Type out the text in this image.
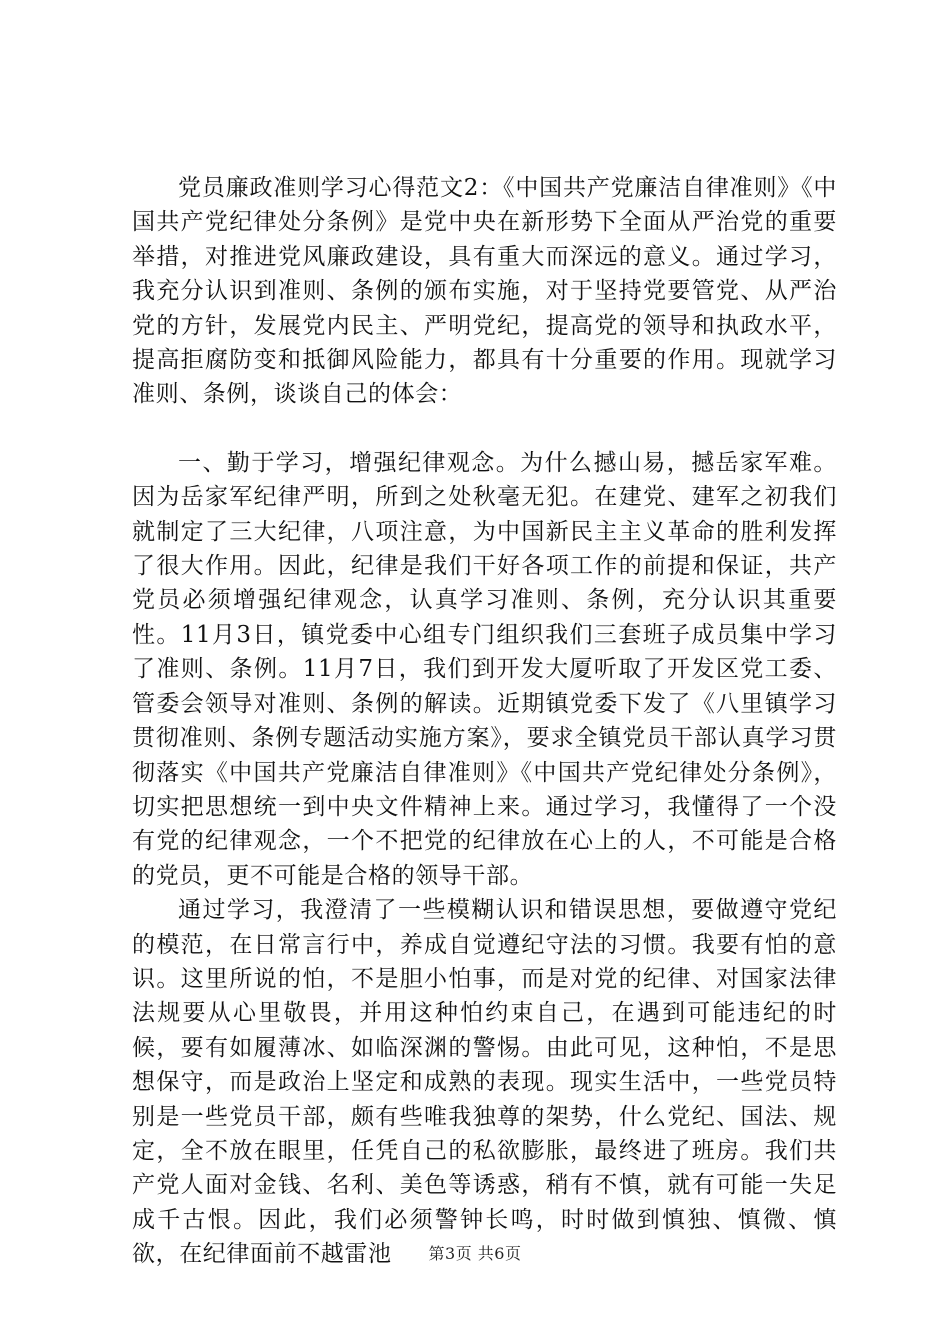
党员廉政准则学习心得范文2：《中国共产党廉洁自律准则》《中国共产党纪律处分条例》是党中央在新形势下全面从严治党的重要举措，对推进党风廉政建设，具有重大而深远的意义。通过学习，我充分认识到准则、条例的颁布实施，对于坚持党要管党、从严治党的方针，发展党内民主、严明党纪，提高党的领导和执政水平，提高拒腐防变和抵御风险能力，都具有十分重要的作用。现就学习准则、条例，谈谈自己的体会：

一、勤于学习，增强纪律观念。为什么撼山易，撼岳家军难。因为岳家军纪律严明，所到之处秋毫无犯。在建党、建军之初我们就制定了三大纪律，八项注意，为中国新民主主义革命的胜利发挥了很大作用。因此，纪律是我们干好各项工作的前提和保证，共产党员必须增强纪律观念，认真学习准则、条例，充分认识其重要性。11月3日，镇党委中心组专门组织我们三套班子成员集中学习了准则、条例。11月7日，我们到开发大厦听取了开发区党工委、管委会领导对准则、条例的解读。近期镇党委下发了《八里镇学习贯彻准则、条例专题活动实施方案》，要求全镇党员干部认真学习贯彻落实《中国共产党廉洁自律准则》《中国共产党纪律处分条例》，切实把思想统一到中央文件精神上来。通过学习，我懂得了一个没有党的纪律观念，一个不把党的纪律放在心上的人，不可能是合格的党员，更不可能是合格的领导干部。

通过学习，我澄清了一些模糊认识和错误思想，要做遵守党纪的模范，在日常言行中，养成自觉遵纪守法的习惯。我要有怕的意识。这里所说的怕，不是胆小怕事，而是对党的纪律、对国家法律法规要从心里敬畏，并用这种怕约束自己，在遇到可能违纪的时候，要有如履薄冰、如临深渊的警惕。由此可见，这种怕，不是思想保守，而是政治上坚定和成熟的表现。现实生活中，一些党员特别是一些党员干部，颇有些唯我独尊的架势，什么党纪、国法、规定，全不放在眼里，任凭自己的私欲膨胀，最终进了班房。我们共产党人面对金钱、名利、美色等诱惑，稍有不慎，就有可能一失足成千古恨。因此，我们必须警钟长鸣，时时做到慎独、慎微、慎欲，在纪律面前不越雷池	第3页 共6页
